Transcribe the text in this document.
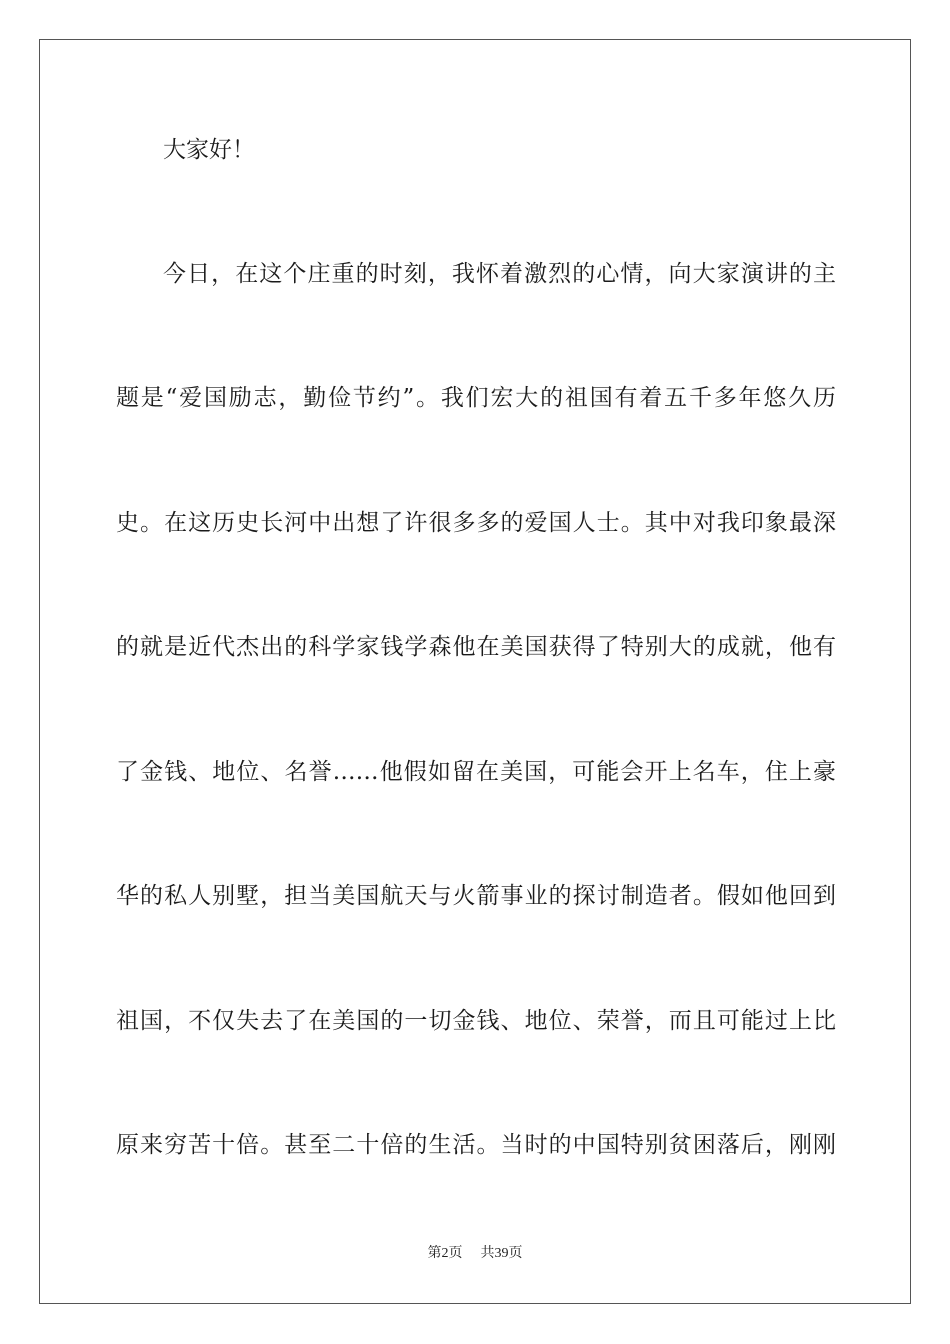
大家好！
今日，在这个庄重的时刻，我怀着激烈的心情，向大家演讲的主
题是“爱国励志，勤俭节约”。我们宏大的祖国有着五千多年悠久历
史。在这历史长河中出想了许很多多的爱国人士。其中对我印象最深
的就是近代杰出的科学家钱学森他在美国获得了特别大的成就，他有
了金钱、地位、名誉……他假如留在美国，可能会开上名车，住上豪
华的私人别墅，担当美国航天与火箭事业的探讨制造者。假如他回到
祖国，不仅失去了在美国的一切金钱、地位、荣誉，而且可能过上比
原来穷苦十倍。甚至二十倍的生活。当时的中国特别贫困落后，刚刚
第2页 共39页
